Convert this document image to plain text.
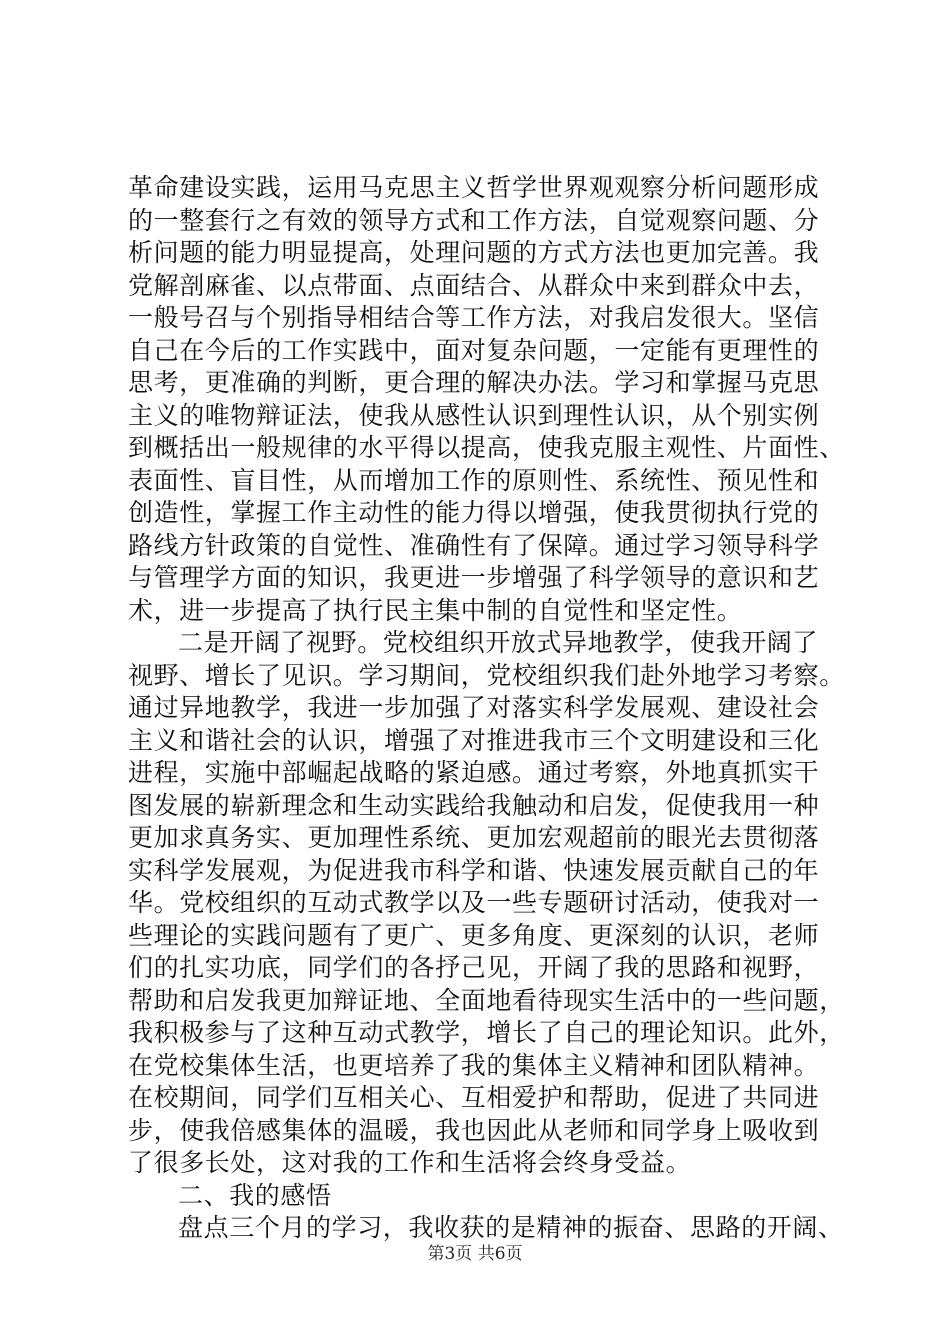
革命建设实践，运用马克思主义哲学世界观观察分析问题形成
的一整套行之有效的领导方式和工作方法，自觉观察问题、分
析问题的能力明显提高，处理问题的方式方法也更加完善。我
党解剖麻雀、以点带面、点面结合、从群众中来到群众中去，
一般号召与个别指导相结合等工作方法，对我启发很大。坚信
自己在今后的工作实践中，面对复杂问题，一定能有更理性的
思考，更准确的判断，更合理的解决办法。学习和掌握马克思
主义的唯物辩证法，使我从感性认识到理性认识，从个别实例
到概括出一般规律的水平得以提高，使我克服主观性、片面性、
表面性、盲目性，从而增加工作的原则性、系统性、预见性和
创造性，掌握工作主动性的能力得以增强，使我贯彻执行党的
路线方针政策的自觉性、准确性有了保障。通过学习领导科学
与管理学方面的知识，我更进一步增强了科学领导的意识和艺
术，进一步提高了执行民主集中制的自觉性和坚定性。
二是开阔了视野。党校组织开放式异地教学，使我开阔了
视野、增长了见识。学习期间，党校组织我们赴外地学习考察。
通过异地教学，我进一步加强了对落实科学发展观、建设社会
主义和谐社会的认识，增强了对推进我市三个文明建设和三化
进程，实施中部崛起战略的紧迫感。通过考察，外地真抓实干
图发展的崭新理念和生动实践给我触动和启发，促使我用一种
更加求真务实、更加理性系统、更加宏观超前的眼光去贯彻落
实科学发展观，为促进我市科学和谐、快速发展贡献自己的年
华。党校组织的互动式教学以及一些专题研讨活动，使我对一
些理论的实践问题有了更广、更多角度、更深刻的认识，老师
们的扎实功底，同学们的各抒己见，开阔了我的思路和视野，
帮助和启发我更加辩证地、全面地看待现实生活中的一些问题，
我积极参与了这种互动式教学，增长了自己的理论知识。此外，
在党校集体生活，也更培养了我的集体主义精神和团队精神。
在校期间，同学们互相关心、互相爱护和帮助，促进了共同进
步，使我倍感集体的温暖，我也因此从老师和同学身上吸收到
了很多长处，这对我的工作和生活将会终身受益。
二、我的感悟
盘点三个月的学习，我收获的是精神的振奋、思路的开阔、
第3页 共6页
